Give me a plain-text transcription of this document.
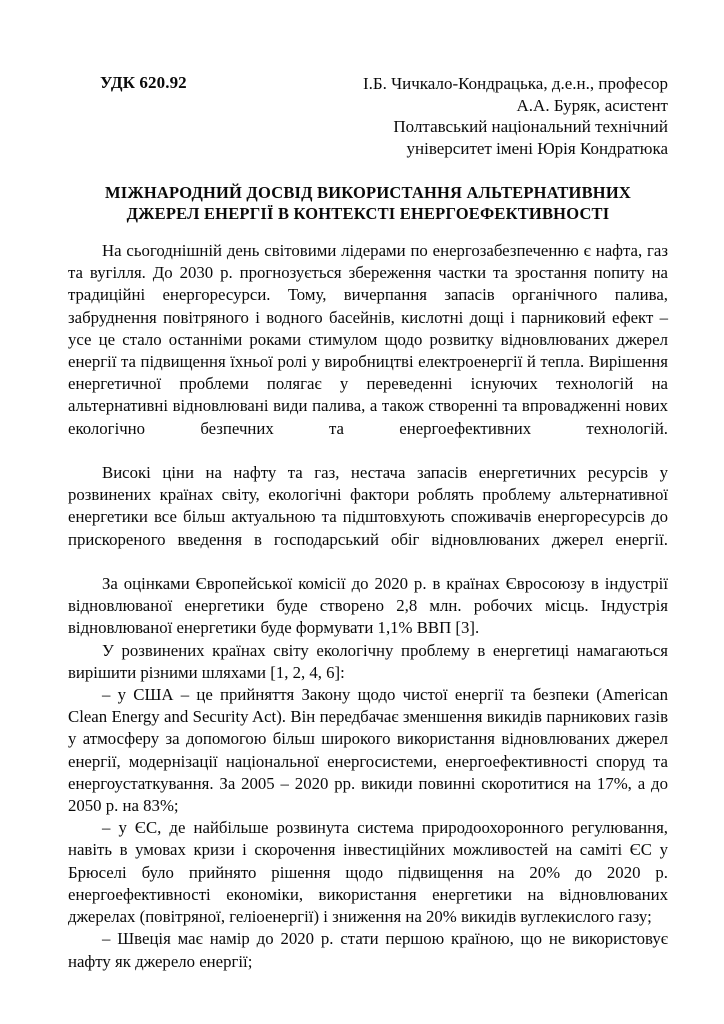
УДК 620.92	І.Б. Чичкало-Кондрацька, д.е.н., професор
А.А. Буряк, асистент
Полтавський національний технічний
університет імені Юрія Кондратюка
МІЖНАРОДНИЙ ДОСВІД ВИКОРИСТАННЯ АЛЬТЕРНАТИВНИХ
ДЖЕРЕЛ ЕНЕРГІЇ В КОНТЕКСТІ ЕНЕРГОЕФЕКТИВНОСТІ

На сьогоднішній день світовими лідерами по енергозабезпеченню є нафта, газ та вугілля. До 2030 р. прогнозується збереження частки та зростання попиту на традиційні енергоресурси. Тому, вичерпання запасів органічного палива, забруднення повітряного і водного басейнів, кислотні дощі і парниковий ефект – усе це стало останніми роками стимулом щодо розвитку відновлюваних джерел енергії та підвищення їхньої ролі у виробництві електроенергії й тепла. Вирішення енергетичної проблеми полягає у переведенні існуючих технологій на альтернативні відновлювані види палива, а також створенні та впровадженні нових екологічно безпечних та енергоефективних технологій.

Високі ціни на нафту та газ, нестача запасів енергетичних ресурсів у розвинених країнах світу, екологічні фактори роблять проблему альтернативної енергетики все більш актуальною та підштовхують споживачів енергоресурсів до прискореного введення в господарський обіг відновлюваних джерел енергії.

За оцінками Європейської комісії до 2020 р. в країнах Євросоюзу в індустрії відновлюваної енергетики буде створено 2,8 млн. робочих місць. Індустрія відновлюваної енергетики буде формувати 1,1% ВВП [3].

У розвинених країнах світу екологічну проблему в енергетиці намагаються вирішити різними шляхами [1, 2, 4, 6]:

– у США – це прийняття Закону щодо чистої енергії та безпеки (American Clean Energy and Security Act). Він передбачає зменшення викидів парникових газів у атмосферу за допомогою більш широкого використання відновлюваних джерел енергії, модернізації національної енергосистеми, енергоефективності споруд та енергоустаткування. За 2005 – 2020 рр. викиди повинні скоротитися на 17%, а до 2050 р. на 83%;

– у ЄС, де найбільше розвинута система природоохоронного регулювання, навіть в умовах кризи і скорочення інвестиційних можливостей на саміті ЄС у Брюселі було прийнято рішення щодо підвищення на 20% до 2020 р. енергоефективності економіки, використання енергетики на відновлюваних джерелах (повітряної, геліоенергії) і зниження на 20% викидів вуглекислого газу;

– Швеція має намір до 2020 р. стати першою країною, що не використовує нафту як джерело енергії;
